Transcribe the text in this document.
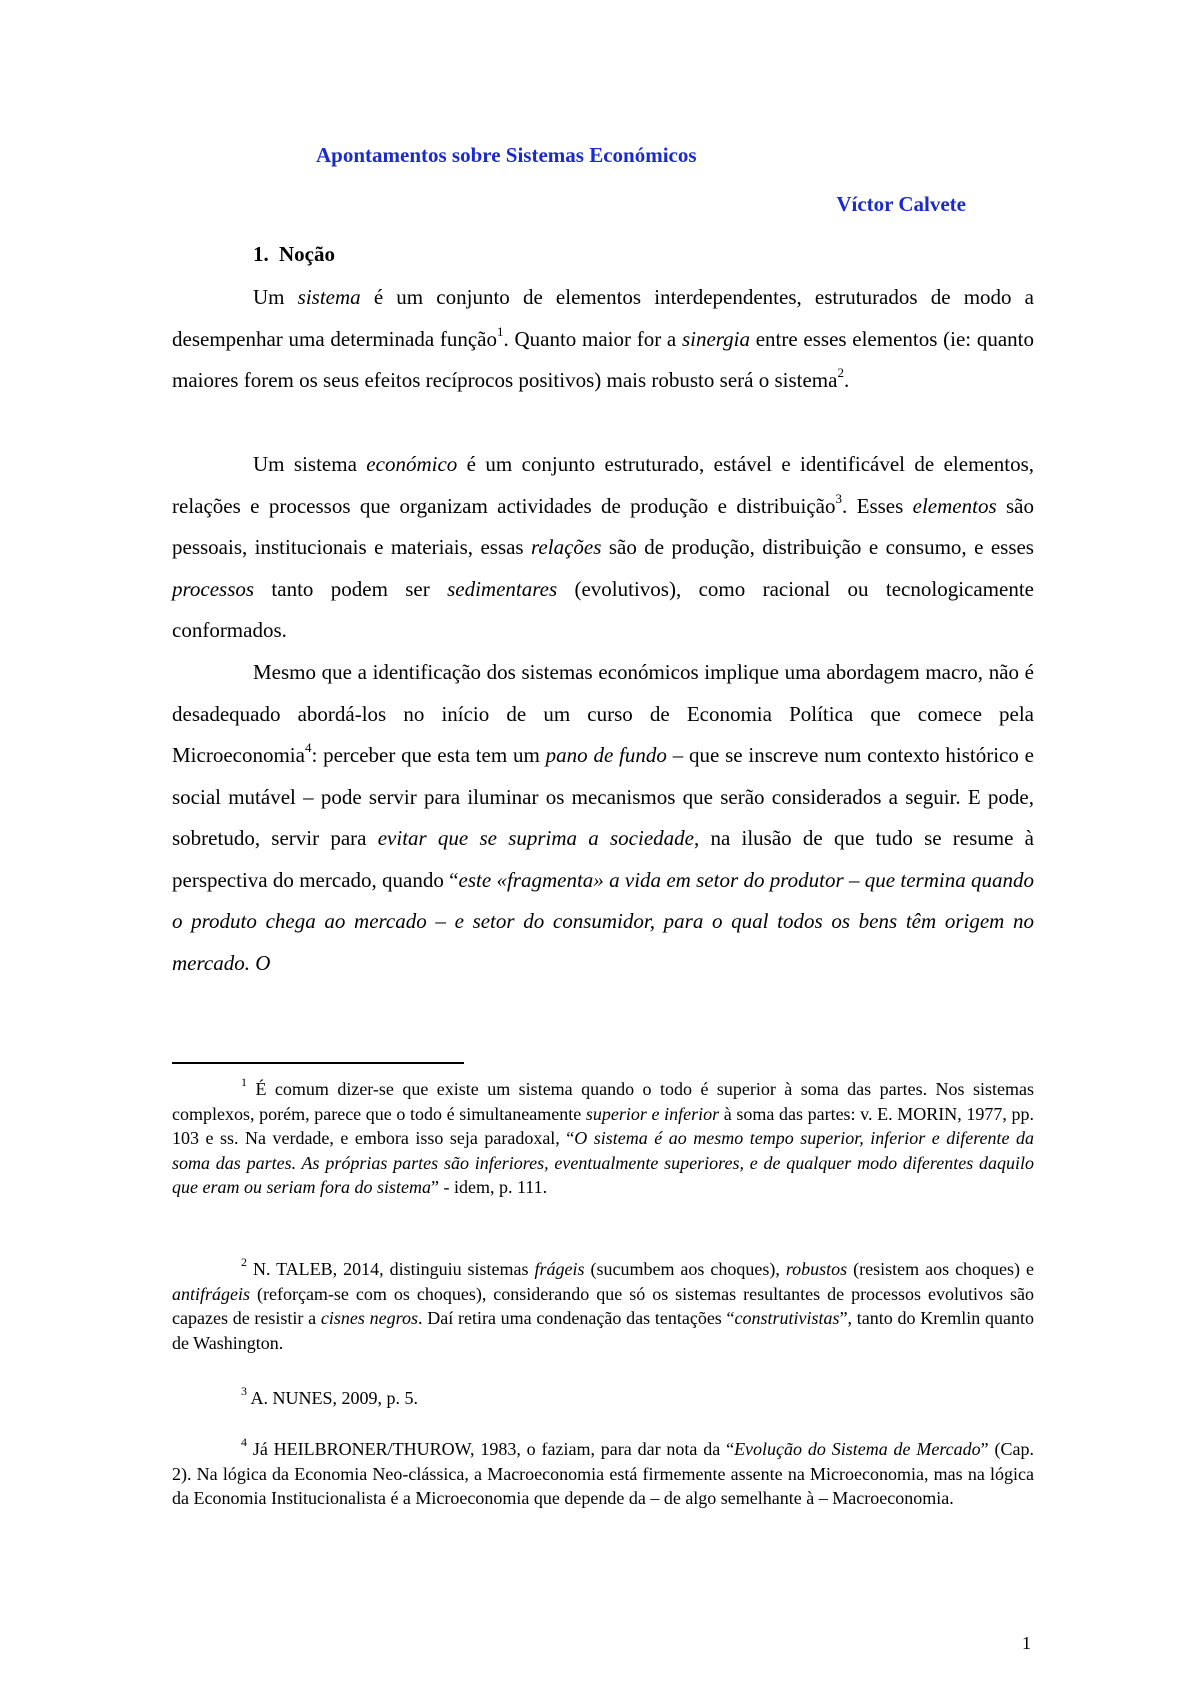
Apontamentos sobre Sistemas Económicos
Víctor Calvete
1. Noção

Um sistema é um conjunto de elementos interdependentes, estruturados de modo a desempenhar uma determinada função$^1$. Quanto maior for a sinergia entre esses elementos (ie: quanto maiores forem os seus efeitos recíprocos positivos) mais robusto será o sistema$^2$.

Um sistema económico é um conjunto estruturado, estável e identificável de elementos, relações e processos que organizam actividades de produção e distribuição$^3$. Esses elementos são pessoais, institucionais e materiais, essas relações são de produção, distribuição e consumo, e esses processos tanto podem ser sedimentares (evolutivos), como racional ou tecnologicamente conformados.

Mesmo que a identificação dos sistemas económicos implique uma abordagem macro, não é desadequado abordá-los no início de um curso de Economia Política que comece pela Microeconomia$^4$: perceber que esta tem um pano de fundo – que se inscreve num contexto histórico e social mutável – pode servir para iluminar os mecanismos que serão considerados a seguir. E pode, sobretudo, servir para evitar que se suprima a sociedade, na ilusão de que tudo se resume à perspectiva do mercado, quando “este «fragmenta» a vida em setor do produtor – que termina quando o produto chega ao mercado – e setor do consumidor, para o qual todos os bens têm origem no mercado. O

$^1$ É comum dizer-se que existe um sistema quando o todo é superior à soma das partes. Nos sistemas complexos, porém, parece que o todo é simultaneamente superior e inferior à soma das partes: v. E. MORIN, 1977, pp. 103 e ss. Na verdade, e embora isso seja paradoxal, “O sistema é ao mesmo tempo superior, inferior e diferente da soma das partes. As próprias partes são inferiores, eventualmente superiores, e de qualquer modo diferentes daquilo que eram ou seriam fora do sistema” - idem, p. 111.

$^2$ N. TALEB, 2014, distinguiu sistemas frágeis (sucumbem aos choques), robustos (resistem aos choques) e antifrágeis (reforçam-se com os choques), considerando que só os sistemas resultantes de processos evolutivos são capazes de resistir a cisnes negros. Daí retira uma condenação das tentações “construtivistas”, tanto do Kremlin quanto de Washington.

$^3$ A. NUNES, 2009, p. 5.

$^4$ Já HEILBRONER/THUROW, 1983, o faziam, para dar nota da “Evolução do Sistema de Mercado” (Cap. 2). Na lógica da Economia Neo-clássica, a Macroeconomia está firmemente assente na Microeconomia, mas na lógica da Economia Institucionalista é a Microeconomia que depende da – de algo semelhante à – Macroeconomia.

1
